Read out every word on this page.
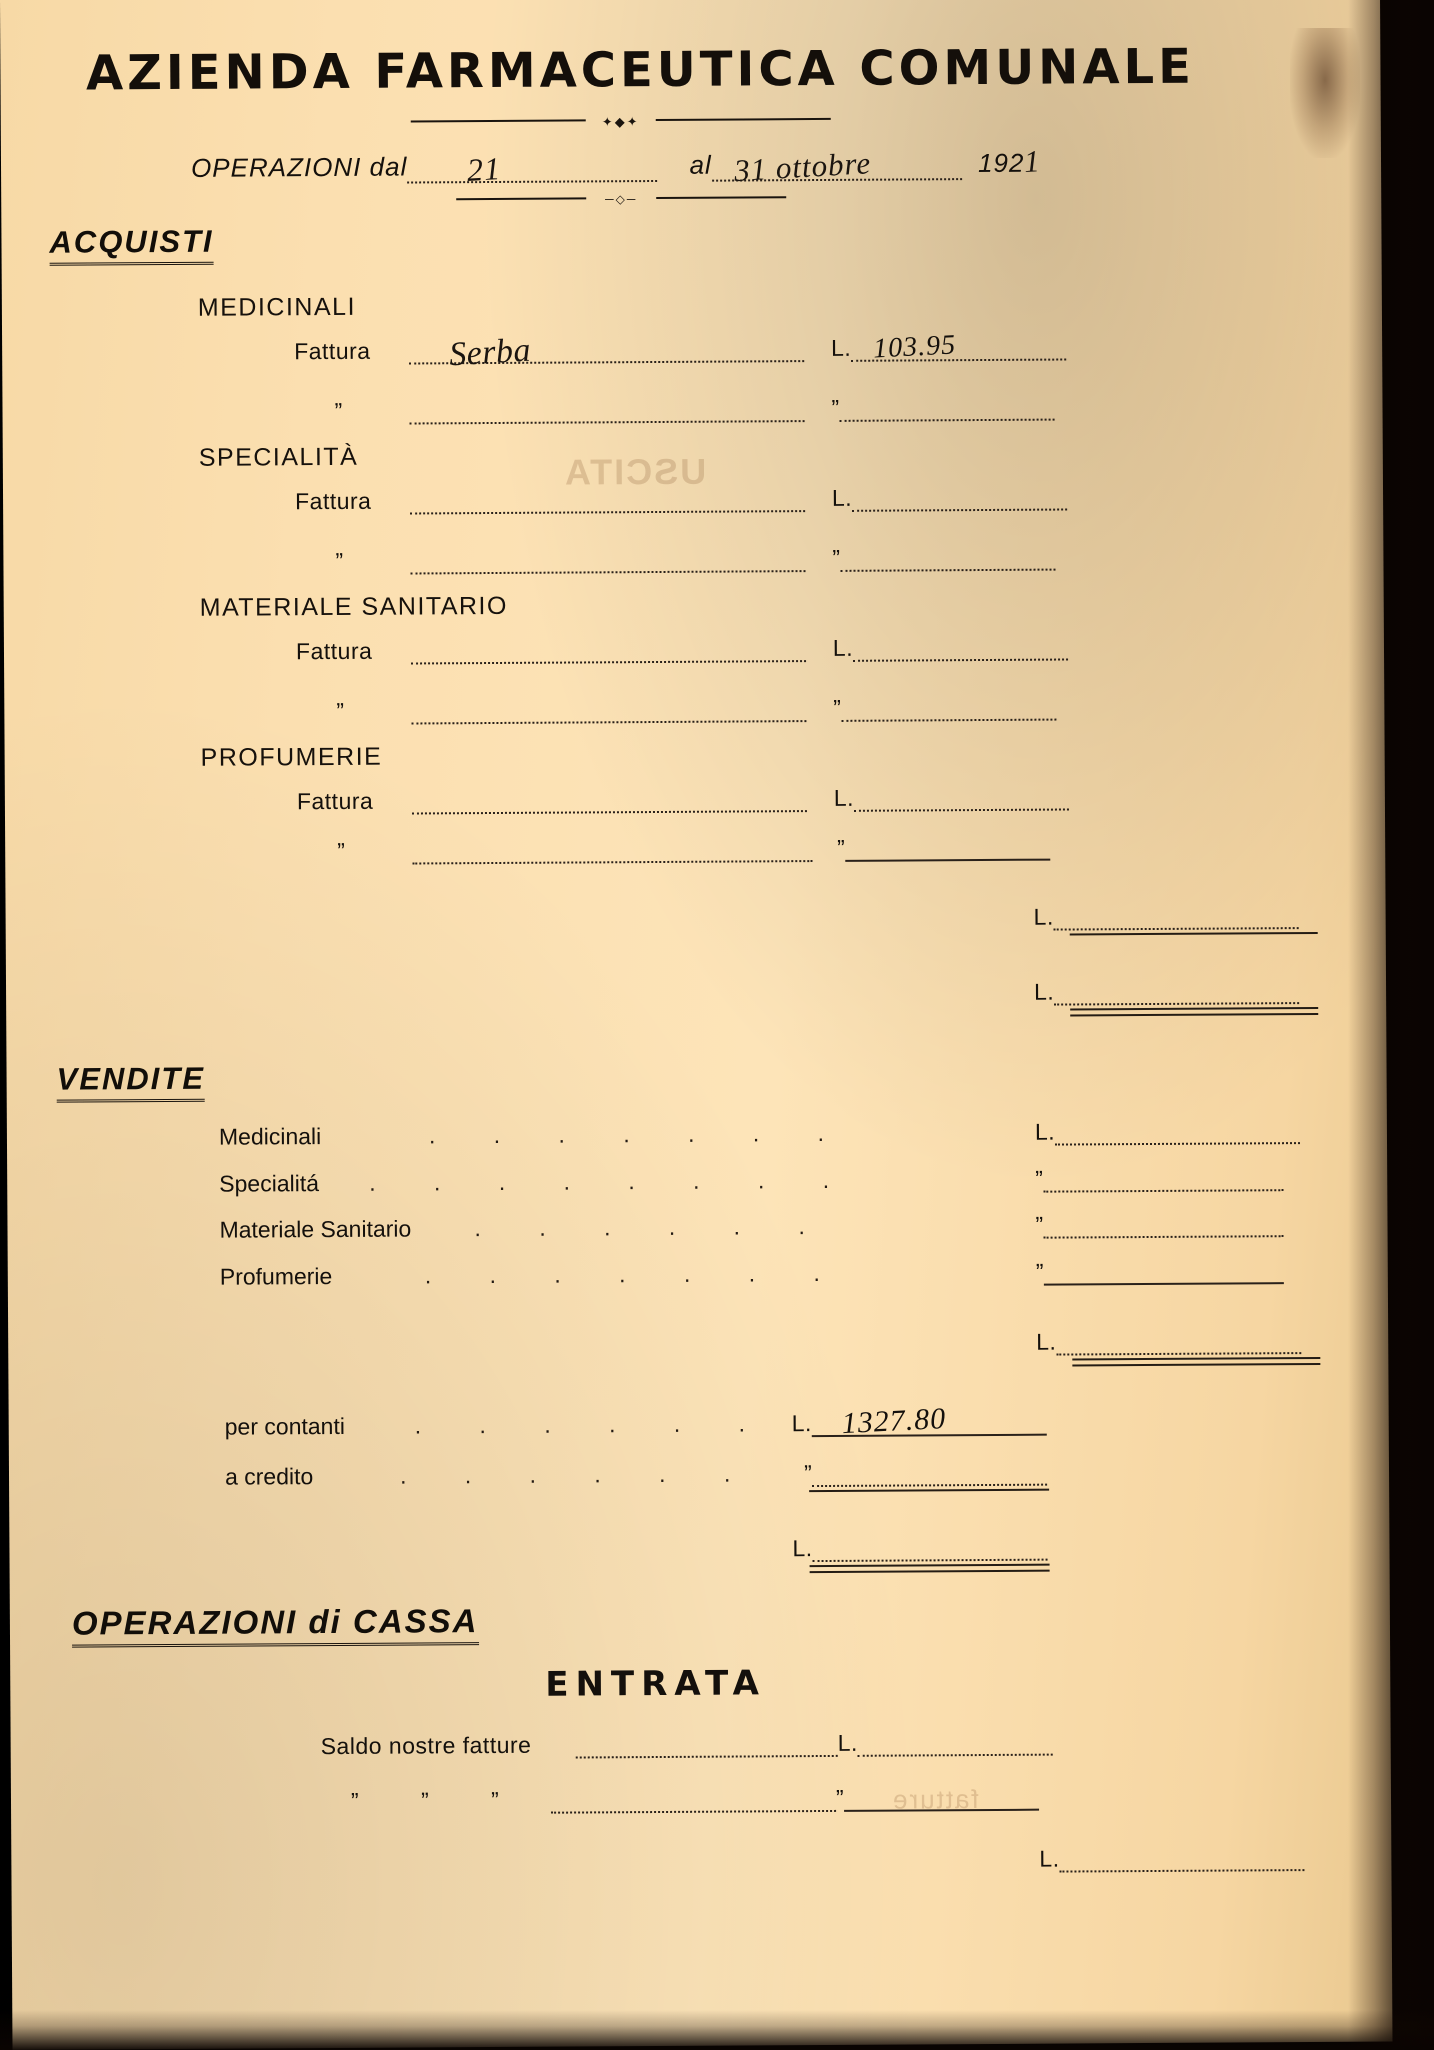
USCITA

fatture
AZIENDA FARMACEUTICA COMUNALE
✦◆✦
OPERAZIONI dal 21	al 31 ottobre	1921
─◇─
ACQUISTI
MEDICINALI
Fattura Serba	L. 103.95
”	”
SPECIALITÀ
Fattura	L.
”	”
MATERIALE SANITARIO
Fattura	L.
”	”
PROFUMERIE
Fattura	L.
”	”
L.
L.
VENDITE
Medicinali	. . . . . . .	L.
Specialitá . . . . . . . .	”
Materiale Sanitario	. . . . . .	”
Profumerie	. . . . . . .	”
L.
per contanti	. . . . . . L. 1327.80
a credito	. . . . . . ”
L.
OPERAZIONI di CASSA
ENTRATA
Saldo nostre fatture	L.
” ” ”	”
L.
